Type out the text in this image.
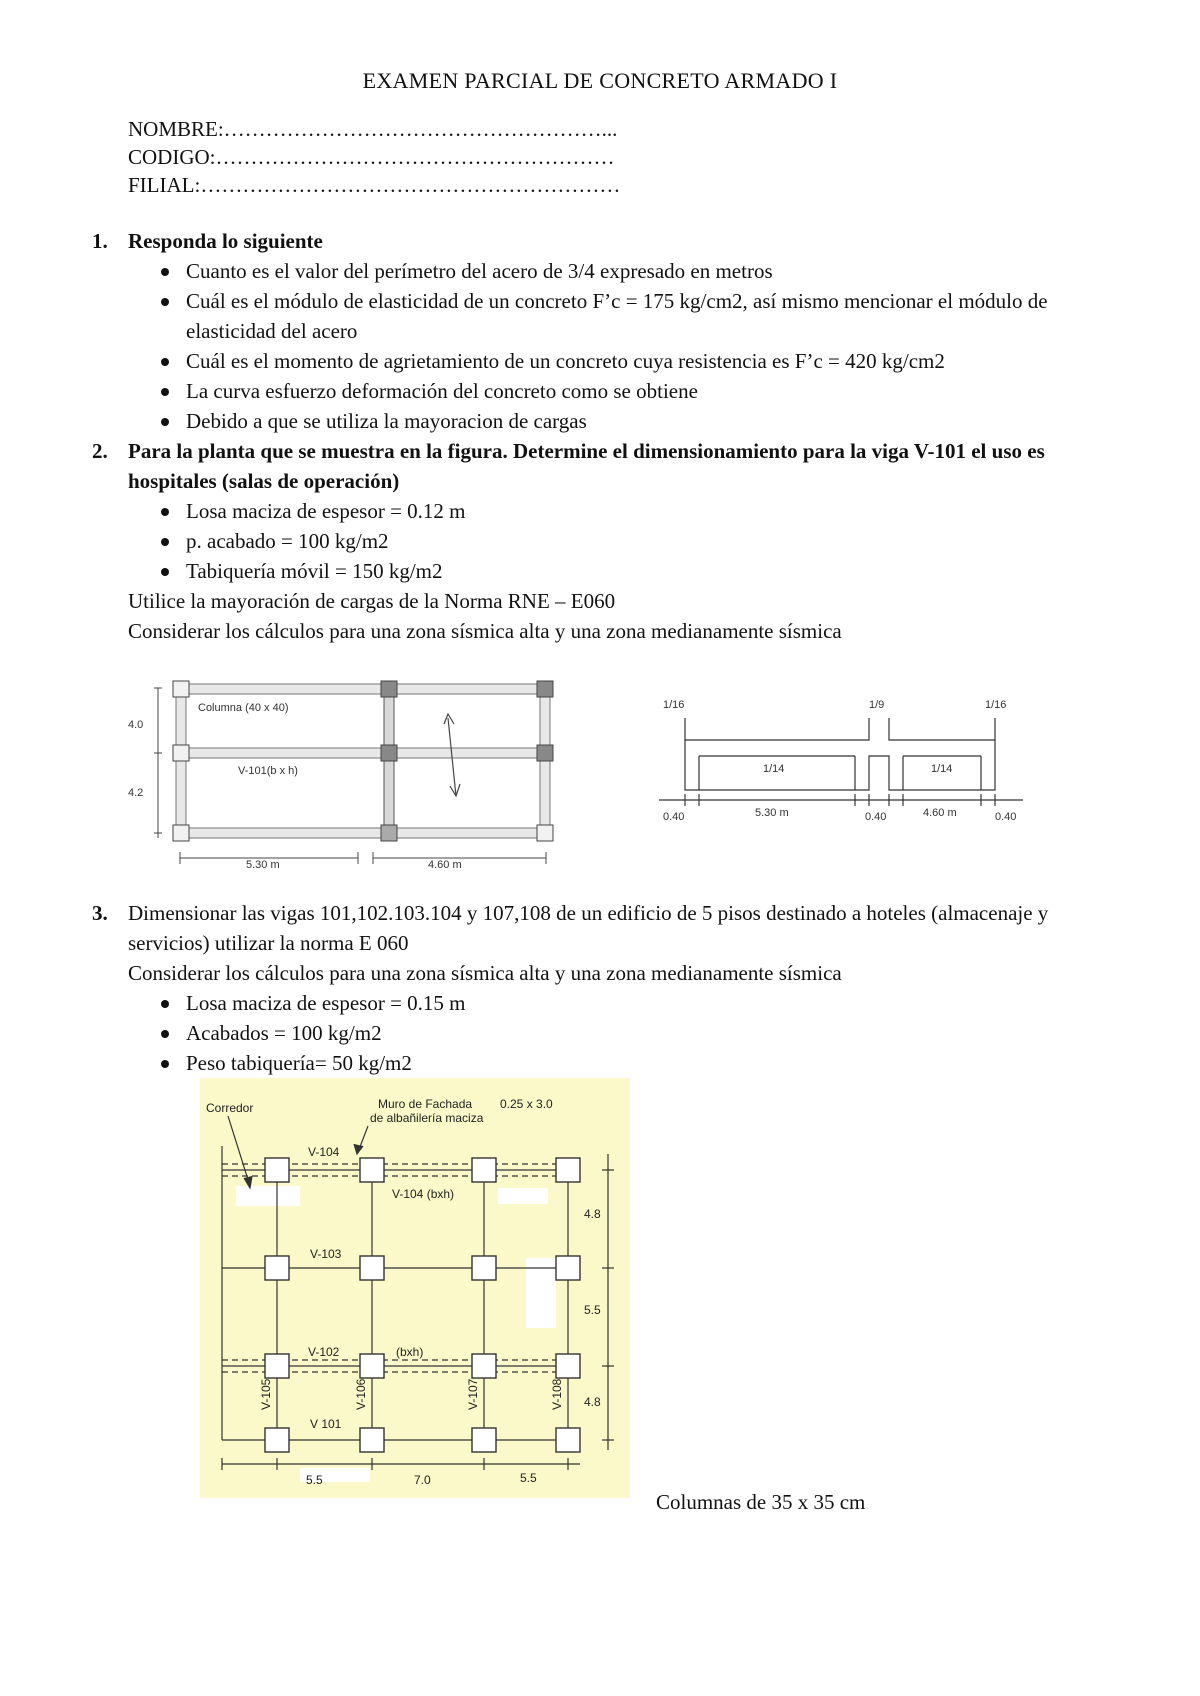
EXAMEN PARCIAL DE CONCRETO ARMADO I
NOMBRE:………………………………………………...
CODIGO:…………………………………………………
FILIAL:……………………………………………………
1. Responda lo siguiente
Cuanto es el valor del perímetro del acero de 3/4 expresado en metros
Cuál es el módulo de elasticidad de un concreto F’c = 175 kg/cm2, así mismo mencionar el módulo de elasticidad del acero
Cuál es el momento de agrietamiento de un concreto cuya resistencia es F’c = 420 kg/cm2
La curva esfuerzo deformación del concreto como se obtiene
Debido a que se utiliza la mayoracion de cargas
2. Para la planta que se muestra en la figura. Determine el dimensionamiento para la viga V-101 el uso es hospitales (salas de operación)
Losa maciza de espesor = 0.12 m
p. acabado = 100 kg/m2
Tabiquería móvil = 150 kg/m2
Utilice la mayoración de cargas de la Norma RNE – E060
Considerar los cálculos para una zona sísmica alta y una zona medianamente sísmica
4.0
4.2
Columna (40 x 40)
V-101(b x h)
5.30 m	4.60 m
1/16	1/9	1/16
1/14	1/14
0.40	5.30 m	0.40	4.60 m	0.40
3. Dimensionar las vigas 101,102.103.104 y 107,108 de un edificio de 5 pisos destinado a hoteles (almacenaje y servicios) utilizar la norma E 060
Considerar los cálculos para una zona sísmica alta y una zona medianamente sísmica
Losa maciza de espesor = 0.15 m
Acabados = 100 kg/m2
Peso tabiquería= 50 kg/m2
Corredor	Muro de Fachada
de albañilería maciza
0.25 x 3.0
V-104
V-104 (bxh)
V-103
V-102	(bxh)
V 101
4.8
5.5
4.8
5.5	7.0	5.5
V-105	V-106	V-107	V-108
Columnas de 35 x 35 cm
